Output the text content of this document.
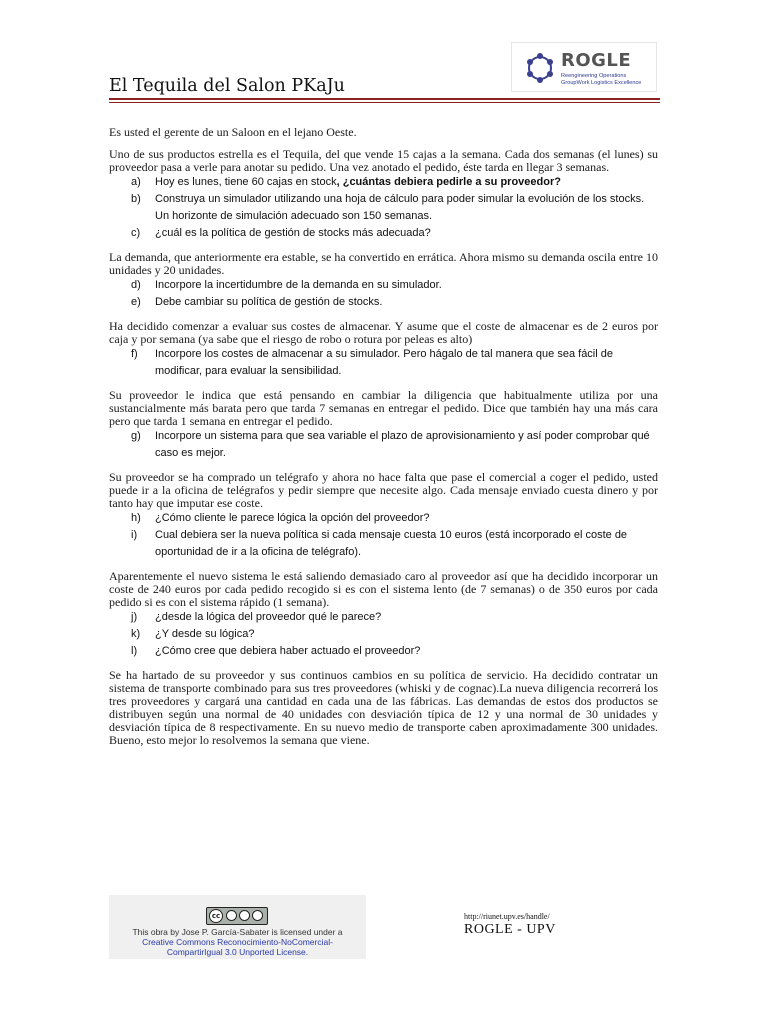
El Tequila del Salon PKaJu
ROGLE
Reengineering Operations
GroupWork Logistics Excellence

Es usted el gerente de un Saloon en el lejano Oeste.

Uno de sus productos estrella es el Tequila, del que vende 15 cajas a la semana. Cada dos semanas (el lunes) su proveedor pasa a verle para anotar su pedido. Una vez anotado el pedido, éste tarda en llegar 3 semanas.

a) Hoy es lunes, tiene 60 cajas en stock, ¿cuántas debiera pedirle a su proveedor?
b) Construya un simulador utilizando una hoja de cálculo para poder simular la evolución de los stocks. Un horizonte de simulación adecuado son 150 semanas.
c) ¿cuál es la política de gestión de stocks más adecuada?

La demanda, que anteriormente era estable, se ha convertido en errática. Ahora mismo su demanda oscila entre 10 unidades y 20 unidades.

d) Incorpore la incertidumbre de la demanda en su simulador.
e) Debe cambiar su política de gestión de stocks.

Ha decidido comenzar a evaluar sus costes de almacenar. Y asume que el coste de almacenar es de 2 euros por caja y por semana (ya sabe que el riesgo de robo o rotura por peleas es alto)

f) Incorpore los costes de almacenar a su simulador. Pero hágalo de tal manera que sea fácil de modificar, para evaluar la sensibilidad.

Su proveedor le indica que está pensando en cambiar la diligencia que habitualmente utiliza por una sustancialmente más barata pero que tarda 7 semanas en entregar el pedido. Dice que también hay una más cara pero que tarda 1 semana en entregar el pedido.

g) Incorpore un sistema para que sea variable el plazo de aprovisionamiento y así poder comprobar qué caso es mejor.

Su proveedor se ha comprado un telégrafo y ahora no hace falta que pase el comercial a coger el pedido, usted puede ir a la oficina de telégrafos y pedir siempre que necesite algo. Cada mensaje enviado cuesta dinero y por tanto hay que imputar ese coste.

h) ¿Cómo cliente le parece lógica la opción del proveedor?
i) Cual debiera ser la nueva política si cada mensaje cuesta 10 euros (está incorporado el coste de oportunidad de ir a la oficina de telégrafo).

Aparentemente el nuevo sistema le está saliendo demasiado caro al proveedor así que ha decidido incorporar un coste de 240 euros por cada pedido recogido si es con el sistema lento (de 7 semanas) o de 350 euros por cada pedido si es con el sistema rápido (1 semana).

j) ¿desde la lógica del proveedor qué le parece?
k) ¿Y desde su lógica?
l) ¿Cómo cree que debiera haber actuado el proveedor?

Se ha hartado de su proveedor y sus continuos cambios en su política de servicio. Ha decidido contratar un sistema de transporte combinado para sus tres proveedores (whiski y de cognac).La nueva diligencia recorrerá los tres proveedores y cargará una cantidad en cada una de las fábricas. Las demandas de estos dos productos se distribuyen según una normal de 40 unidades con desviación típica de 12 y una normal de 30 unidades y desviación típica de 8 respectivamente. En su nuevo medio de transporte caben aproximadamente 300 unidades. Bueno, esto mejor lo resolvemos la semana que viene.

cc
This obra by Jose P. García-Sabater is licensed under a
Creative Commons Reconocimiento-NoComercial-
CompartirIgual 3.0 Unported License.
http://riunet.upv.es/handle/
ROGLE - UPV
